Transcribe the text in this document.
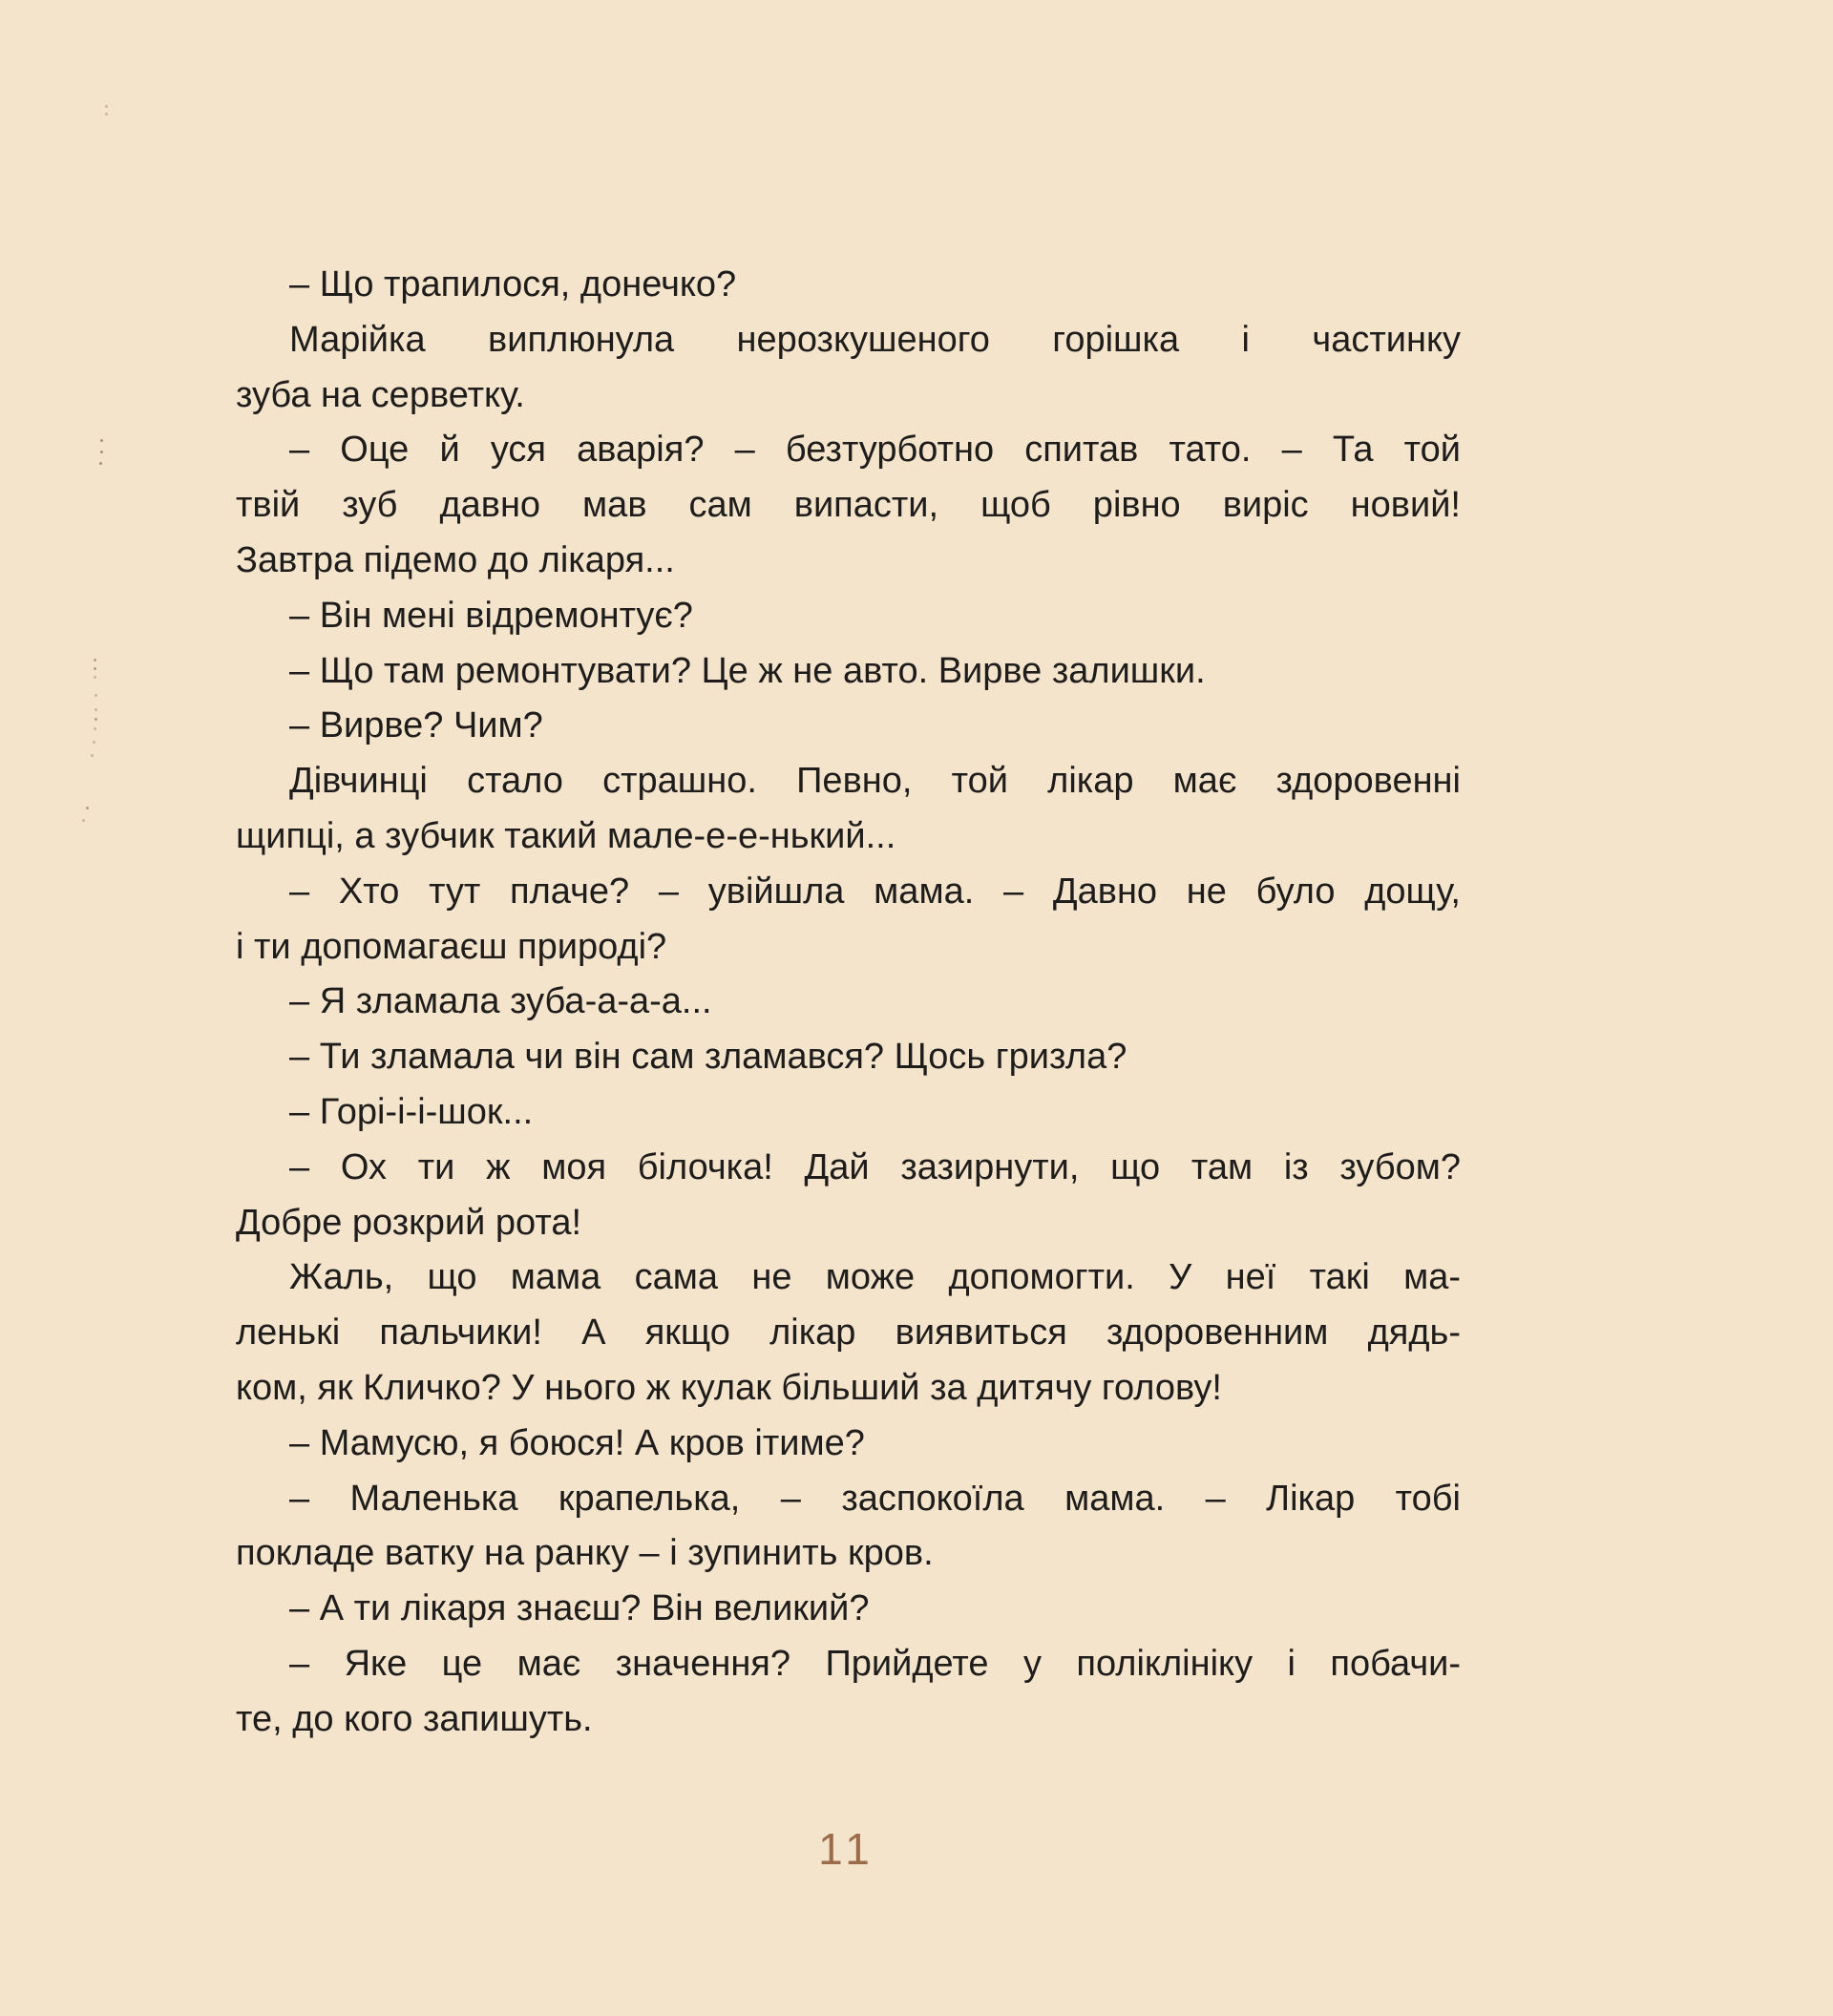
– Що трапилося, донечко?
Марійка виплюнула нерозкушеного горішка і частинку
зуба на серветку.
– Оце й уся аварія? – безтурботно спитав тато. – Та той
твій зуб давно мав сам випасти, щоб рівно виріс новий!
Завтра підемо до лікаря...
– Він мені відремонтує?
– Що там ремонтувати? Це ж не авто. Вирве залишки.
– Вирве? Чим?
Дівчинці стало страшно. Певно, той лікар має здоровенні
щипці, а зубчик такий мале-е-е-нький...
– Хто тут плаче? – увійшла мама. – Давно не було дощу,
і ти допомагаєш природі?
– Я зламала зуба-а-а-а...
– Ти зламала чи він сам зламався? Щось гризла?
– Горі-і-і-шок...
– Ох ти ж моя білочка! Дай зазирнути, що там із зубом?
Добре розкрий рота!
Жаль, що мама сама не може допомогти. У неї такі ма-
ленькі пальчики! А якщо лікар виявиться здоровенним дядь-
ком, як Кличко? У нього ж кулак більший за дитячу голову!
– Мамусю, я боюся! А кров ітиме?
– Маленька крапелька, – заспокоїла мама. – Лікар тобі
покладе ватку на ранку – і зупинить кров.
– А ти лікаря знаєш? Він великий?
– Яке це має значення? Прийдете у поліклініку і побачи-
те, до кого запишуть.
11
